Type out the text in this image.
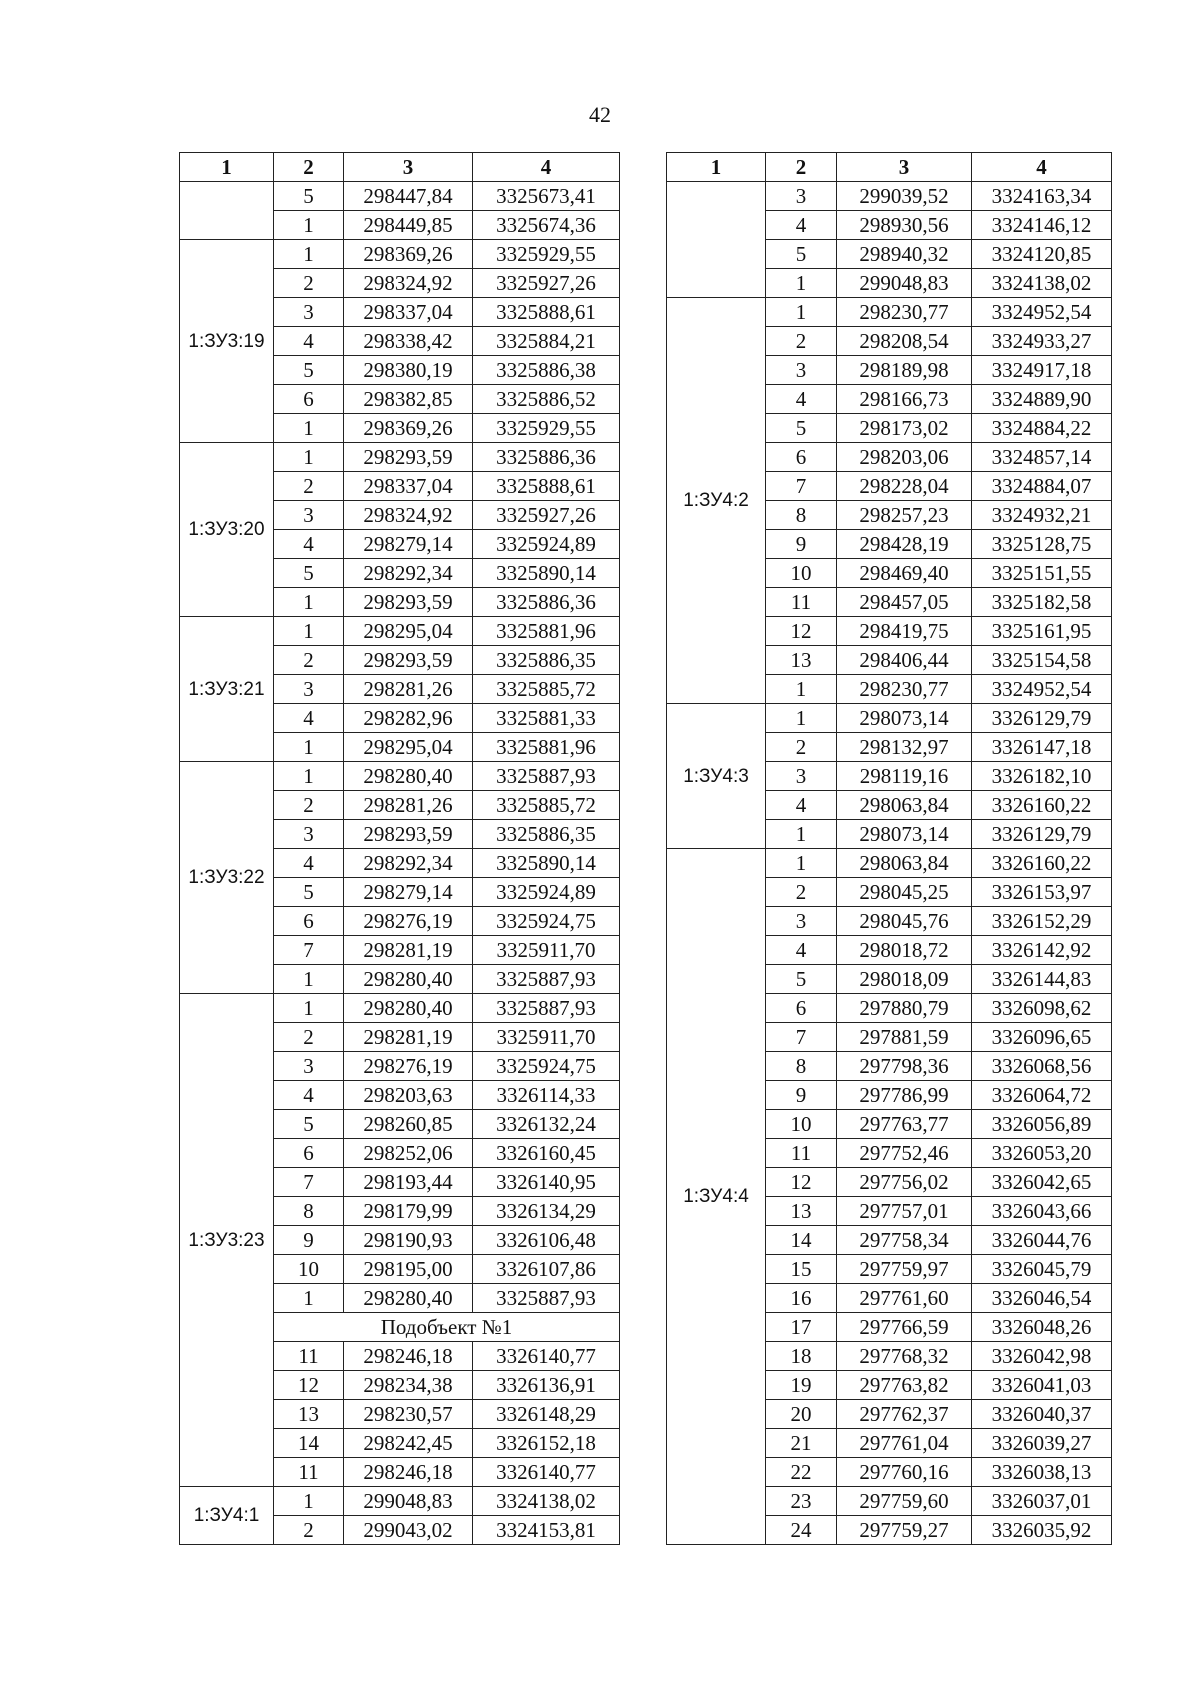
42
1	2	3	4
	5	298447,84	3325673,41
	1	298449,85	3325674,36
1:ЗУ3:19	1	298369,26	3325929,55
	2	298324,92	3325927,26
	3	298337,04	3325888,61
	4	298338,42	3325884,21
	5	298380,19	3325886,38
	6	298382,85	3325886,52
	1	298369,26	3325929,55
1:ЗУ3:20	1	298293,59	3325886,36
	2	298337,04	3325888,61
	3	298324,92	3325927,26
	4	298279,14	3325924,89
	5	298292,34	3325890,14
	1	298293,59	3325886,36
1:ЗУ3:21	1	298295,04	3325881,96
	2	298293,59	3325886,35
	3	298281,26	3325885,72
	4	298282,96	3325881,33
	1	298295,04	3325881,96
1:ЗУ3:22	1	298280,40	3325887,93
	2	298281,26	3325885,72
	3	298293,59	3325886,35
	4	298292,34	3325890,14
	5	298279,14	3325924,89
	6	298276,19	3325924,75
	7	298281,19	3325911,70
	1	298280,40	3325887,93
1:ЗУ3:23	1	298280,40	3325887,93
	2	298281,19	3325911,70
	3	298276,19	3325924,75
	4	298203,63	3326114,33
	5	298260,85	3326132,24
	6	298252,06	3326160,45
	7	298193,44	3326140,95
	8	298179,99	3326134,29
	9	298190,93	3326106,48
	10	298195,00	3326107,86
	1	298280,40	3325887,93
	Подобъект №1		
	11	298246,18	3326140,77
	12	298234,38	3326136,91
	13	298230,57	3326148,29
	14	298242,45	3326152,18
	11	298246,18	3326140,77
1:ЗУ4:1	1	299048,83	3324138,02
	2	299043,02	3324153,81
1	2	3	4
	3	299039,52	3324163,34
	4	298930,56	3324146,12
	5	298940,32	3324120,85
	1	299048,83	3324138,02
1:ЗУ4:2	1	298230,77	3324952,54
	2	298208,54	3324933,27
	3	298189,98	3324917,18
	4	298166,73	3324889,90
	5	298173,02	3324884,22
	6	298203,06	3324857,14
	7	298228,04	3324884,07
	8	298257,23	3324932,21
	9	298428,19	3325128,75
	10	298469,40	3325151,55
	11	298457,05	3325182,58
	12	298419,75	3325161,95
	13	298406,44	3325154,58
	1	298230,77	3324952,54
1:ЗУ4:3	1	298073,14	3326129,79
	2	298132,97	3326147,18
	3	298119,16	3326182,10
	4	298063,84	3326160,22
	1	298073,14	3326129,79
1:ЗУ4:4	1	298063,84	3326160,22
	2	298045,25	3326153,97
	3	298045,76	3326152,29
	4	298018,72	3326142,92
	5	298018,09	3326144,83
	6	297880,79	3326098,62
	7	297881,59	3326096,65
	8	297798,36	3326068,56
	9	297786,99	3326064,72
	10	297763,77	3326056,89
	11	297752,46	3326053,20
	12	297756,02	3326042,65
	13	297757,01	3326043,66
	14	297758,34	3326044,76
	15	297759,97	3326045,79
	16	297761,60	3326046,54
	17	297766,59	3326048,26
	18	297768,32	3326042,98
	19	297763,82	3326041,03
	20	297762,37	3326040,37
	21	297761,04	3326039,27
	22	297760,16	3326038,13
	23	297759,60	3326037,01
	24	297759,27	3326035,92
